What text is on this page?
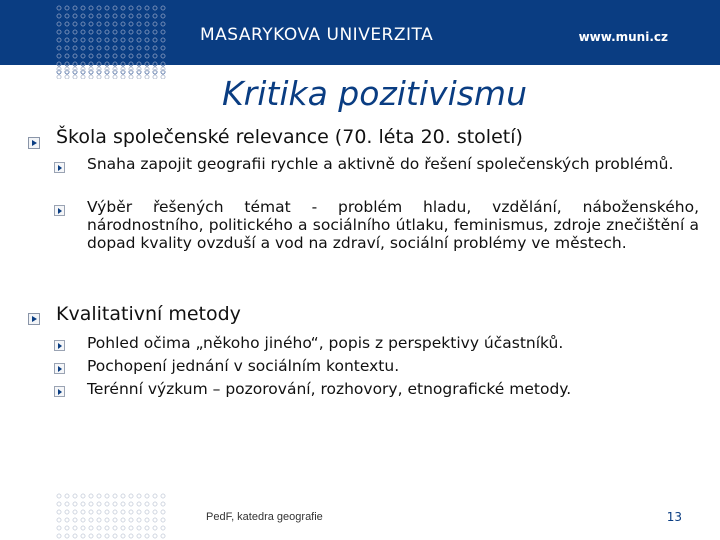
MASARYKOVA UNIVERZITA	www.muni.cz
Kritika pozitivismu
Škola společenské relevance (70. léta 20. století)
Snaha zapojit geografii rychle a aktivně do řešení společenských problémů.
Výběr řešených témat - problém hladu, vzdělání, náboženského, národnostního, politického a sociálního útlaku, feminismus, zdroje znečištění a dopad kvality ovzduší a vod na zdraví, sociální problémy ve městech.
Kvalitativní metody
Pohled očima „někoho jiného“, popis z perspektivy účastníků.
Pochopení jednání v sociálním kontextu.
Terénní výzkum – pozorování, rozhovory, etnografické metody.
PedF, katedra geografie	13
